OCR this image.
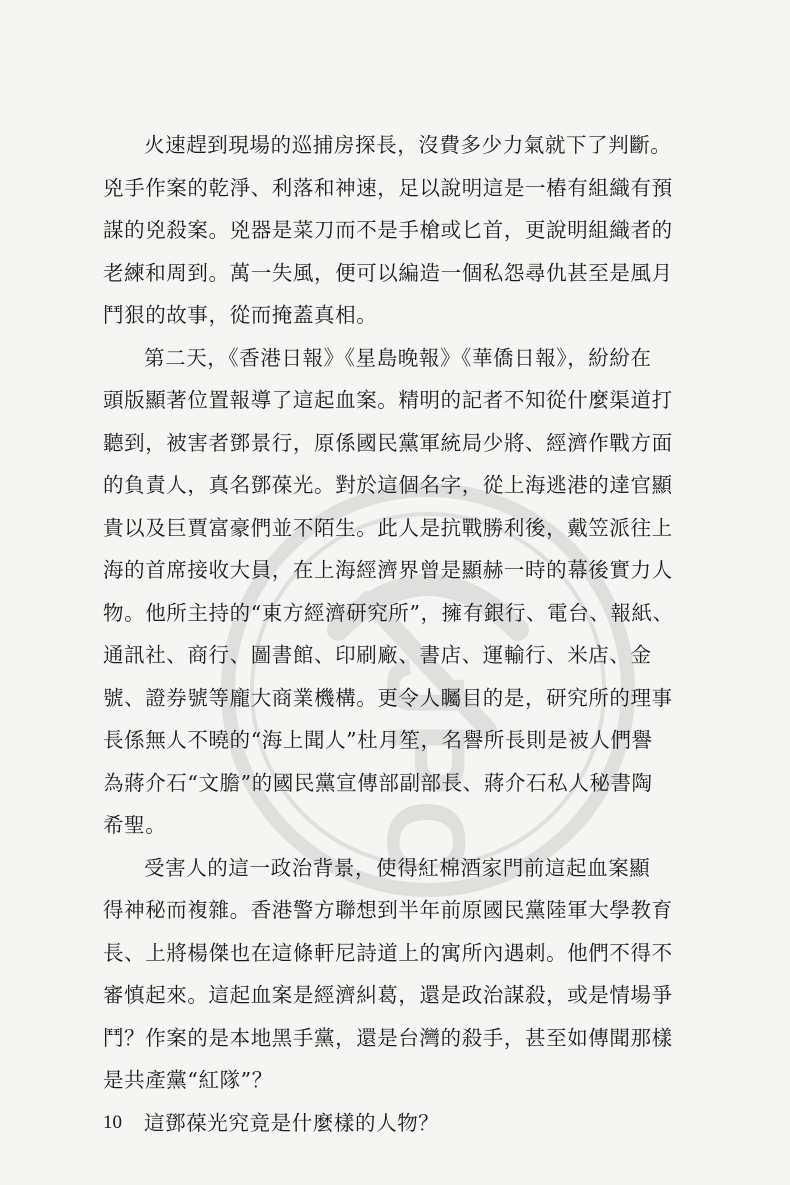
JPC
火速趕到現場的巡捕房探長，沒費多少力氣就下了判斷。
兇手作案的乾淨、利落和神速，足以說明這是一樁有組織有預
謀的兇殺案。兇器是菜刀而不是手槍或匕首，更說明組織者的
老練和周到。萬一失風，便可以編造一個私怨尋仇甚至是風月
鬥狠的故事，從而掩蓋真相。
第二天，《香港日報》《星島晚報》《華僑日報》，紛紛在
頭版顯著位置報導了這起血案。精明的記者不知從什麼渠道打
聽到，被害者鄧景行，原係國民黨軍統局少將、經濟作戰方面
的負責人，真名鄧葆光。對於這個名字，從上海逃港的達官顯
貴以及巨賈富豪們並不陌生。此人是抗戰勝利後，戴笠派往上
海的首席接收大員，在上海經濟界曾是顯赫一時的幕後實力人
物。他所主持的“東方經濟研究所”，擁有銀行、電台、報紙、
通訊社、商行、圖書館、印刷廠、書店、運輸行、米店、金
號、證券號等龐大商業機構。更令人矚目的是，研究所的理事
長係無人不曉的“海上聞人”杜月笙，名譽所長則是被人們譽
為蔣介石“文膽”的國民黨宣傳部副部長、蔣介石私人秘書陶
希聖。
受害人的這一政治背景，使得紅棉酒家門前這起血案顯
得神秘而複雜。香港警方聯想到半年前原國民黨陸軍大學教育
長、上將楊傑也在這條軒尼詩道上的寓所內遇刺。他們不得不
審慎起來。這起血案是經濟糾葛，還是政治謀殺，或是情場爭
鬥？作案的是本地黑手黨，還是台灣的殺手，甚至如傳聞那樣
是共產黨“紅隊”？
這鄧葆光究竟是什麼樣的人物？
10
